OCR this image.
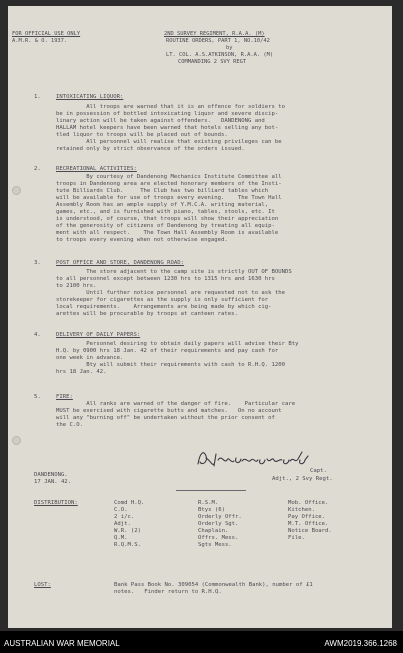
FOR OFFICIAL USE ONLY
A.M.R. & O. 1937.
2ND SURVEY REGIMENT, R.A.A. (M)
ROUTINE ORDERS, PART 1, NO.10/42
by
LT. COL. A.S.ATKINSON, R.A.A. (M)
COMMANDING 2 SVY REGT
1.	INTOXICATING LIQUOR:
All troops are warned that it is an offence for soldiers to
be in possession of bottled intoxicating liquor and severe discip-
linary action will be taken against offenders.   DANDENONG and
HALLAM hotel keepers have been warned that hotels selling any bot-
tled liquor to troops will be placed out of bounds.
All personnel will realise that existing privileges can be
retained only by strict observance of the orders issued.
2.	RECREATIONAL ACTIVITIES:
By courtesy of Dandenong Mechanics Institute Committee all
troops in Dandenong area are elected honorary members of the Insti-
tute Billiards Club.     The Club has two billiard tables which
will be available for use of troops every evening.    The Town Hall
Assembly Room has an ample supply of Y.M.C.A. writing material,
games, etc., and is furnished with piano, tables, stools, etc. It
is understood, of course, that troops will show their appreciation
of the generosity of citizens of Dandenong by treating all equip-
ment with all respect.    The Town Hall Assembly Room is available
to troops every evening when not otherwise engaged.
3.	POST OFFICE AND STORE, DANDENONG ROAD:
The store adjacent to the camp site is strictly OUT OF BOUNDS
to all personnel except between 1230 hrs to 1315 hrs and 1630 hrs
to 2100 hrs.
Until further notice personnel are requested not to ask the
storekeeper for cigarettes as the supply is only sufficient for
local requirements.    Arrangements are being made by which cig-
arettes will be procurable by troops at canteen rates.
4.	DELIVERY OF DAILY PAPERS:
Personnel desiring to obtain daily papers will advise their Bty
H.Q. by 0900 hrs 18 Jan. 42 of their requirements and pay cash for
one week in advance.
Bty will submit their requirements with cash to R.H.Q. 1200
hrs 18 Jan. 42.
5.	FIRE:
All ranks are warned of the danger of fire.    Particular care
MUST be exercised with cigarette butts and matches.   On no account
will any "burning off" be undertaken without the prior consent of
the C.O.
Capt.
Adjt., 2 Svy Regt.
DANDENONG.
17 JAN. 42.
DISTRIBUTION:	Comd H.Q.
C.O.
2 i/c.
Adjt.
W.R. (2)
Q.M.
R.Q.M.S.
R.S.M.
Btys (6)
Orderly Offr.
Orderly Sgt.
Chaplain.
Offrs. Mess.
Sgts Mess.
Mob. Office.
Kitchen.
Pay Office.
M.T. Office.
Notice Board.
File.
LOST:	Bank Pass Book No. 309054 (Commonwealth Bank), number of £1
notes.   Finder return to R.H.Q.
AUSTRALIAN WAR MEMORIAL	AWM2019.366.1268
